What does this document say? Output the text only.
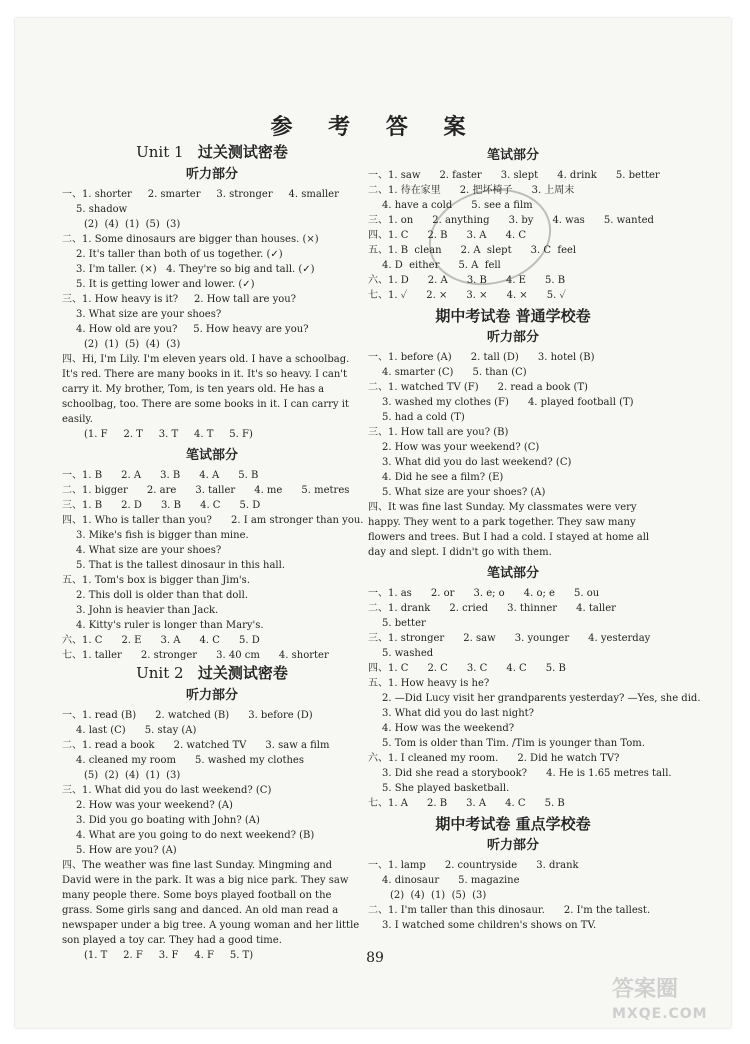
参 考 答 案
Unit 1 过关测试密卷
听力部分
一、1. shorter     2. smarter     3. stronger     4. smaller
5. shadow
(2)  (4)  (1)  (5)  (3)
二、1. Some dinosaurs are bigger than houses. (×)
2. It's taller than both of us together. (✓)
3. I'm taller. (×)   4. They're so big and tall. (✓)
5. It is getting lower and lower. (✓)
三、1. How heavy is it?     2. How tall are you?
3. What size are your shoes?
4. How old are you?     5. How heavy are you?
(2)  (1)  (5)  (4)  (3)
四、Hi, I'm Lily. I'm eleven years old. I have a schoolbag. It's red. There are many books in it. It's so heavy. I can't carry it. My brother, Tom, is ten years old. He has a schoolbag, too. There are some books in it. I can carry it easily.
(1. F     2. T     3. T     4. T     5. F)
笔试部分
一、1. B      2. A      3. B      4. A      5. B
二、1. bigger      2. are      3. taller      4. me      5. metres
三、1. B      2. D      3. B      4. C      5. D
四、1. Who is taller than you?      2. I am stronger than you.
3. Mike's fish is bigger than mine.
4. What size are your shoes?
5. That is the tallest dinosaur in this hall.
五、1. Tom's box is bigger than Jim's.
2. This doll is older than that doll.
3. John is heavier than Jack.
4. Kitty's ruler is longer than Mary's.
六、1. C      2. E      3. A      4. C      5. D
七、1. taller      2. stronger      3. 40 cm      4. shorter
Unit 2 过关测试密卷
听力部分
一、1. read (B)      2. watched (B)      3. before (D)
4. last (C)      5. stay (A)
二、1. read a book      2. watched TV      3. saw a film
4. cleaned my room      5. washed my clothes
(5)  (2)  (4)  (1)  (3)
三、1. What did you do last weekend? (C)
2. How was your weekend? (A)
3. Did you go boating with John? (A)
4. What are you going to do next weekend? (B)
5. How are you? (A)
四、The weather was fine last Sunday. Mingming and David were in the park. It was a big nice park. They saw many people there. Some boys played football on the grass. Some girls sang and danced. An old man read a newspaper under a big tree. A young woman and her little son played a toy car. They had a good time.
(1. T     2. F     3. F     4. F     5. T)
笔试部分
一、1. saw      2. faster      3. slept      4. drink      5. better
二、1. 待在家里      2. 把坏椅子      3. 上周末
4. have a cold      5. see a film
三、1. on      2. anything      3. by      4. was      5. wanted
四、1. C      2. B      3. A      4. C
五、1. B  clean      2. A  slept      3. C  feel
4. D  either      5. A  fell
六、1. D      2. A      3. B      4. E      5. B
七、1. ✓      2. ×      3. ×      4. ×      5. ✓
期中考试卷 普通学校卷
听力部分
一、1. before (A)      2. tall (D)      3. hotel (B)
4. smarter (C)      5. than (C)
二、1. watched TV (F)      2. read a book (T)
3. washed my clothes (F)      4. played football (T)
5. had a cold (T)
三、1. How tall are you? (B)
2. How was your weekend? (C)
3. What did you do last weekend? (C)
4. Did he see a film? (E)
5. What size are your shoes? (A)
四、It was fine last Sunday. My classmates were very happy. They went to a park together. They saw many flowers and trees. But I had a cold. I stayed at home all day and slept. I didn't go with them.
笔试部分
一、1. as      2. or      3. e; o      4. o; e      5. ou
二、1. drank      2. cried      3. thinner      4. taller
5. better
三、1. stronger      2. saw      3. younger      4. yesterday
5. washed
四、1. C      2. C      3. C      4. C      5. B
五、1. How heavy is he?
2. —Did Lucy visit her grandparents yesterday? —Yes, she did.
3. What did you do last night?
4. How was the weekend?
5. Tom is older than Tim. /Tim is younger than Tom.
六、1. I cleaned my room.      2. Did he watch TV?
3. Did she read a storybook?      4. He is 1.65 metres tall.
5. She played basketball.
七、1. A      2. B      3. A      4. C      5. B
期中考试卷 重点学校卷
听力部分
一、1. lamp      2. countryside      3. drank
4. dinosaur      5. magazine
(2)  (4)  (1)  (5)  (3)
二、1. I'm taller than this dinosaur.      2. I'm the tallest.
3. I watched some children's shows on TV.
89
答案圈
MXQE.COM
